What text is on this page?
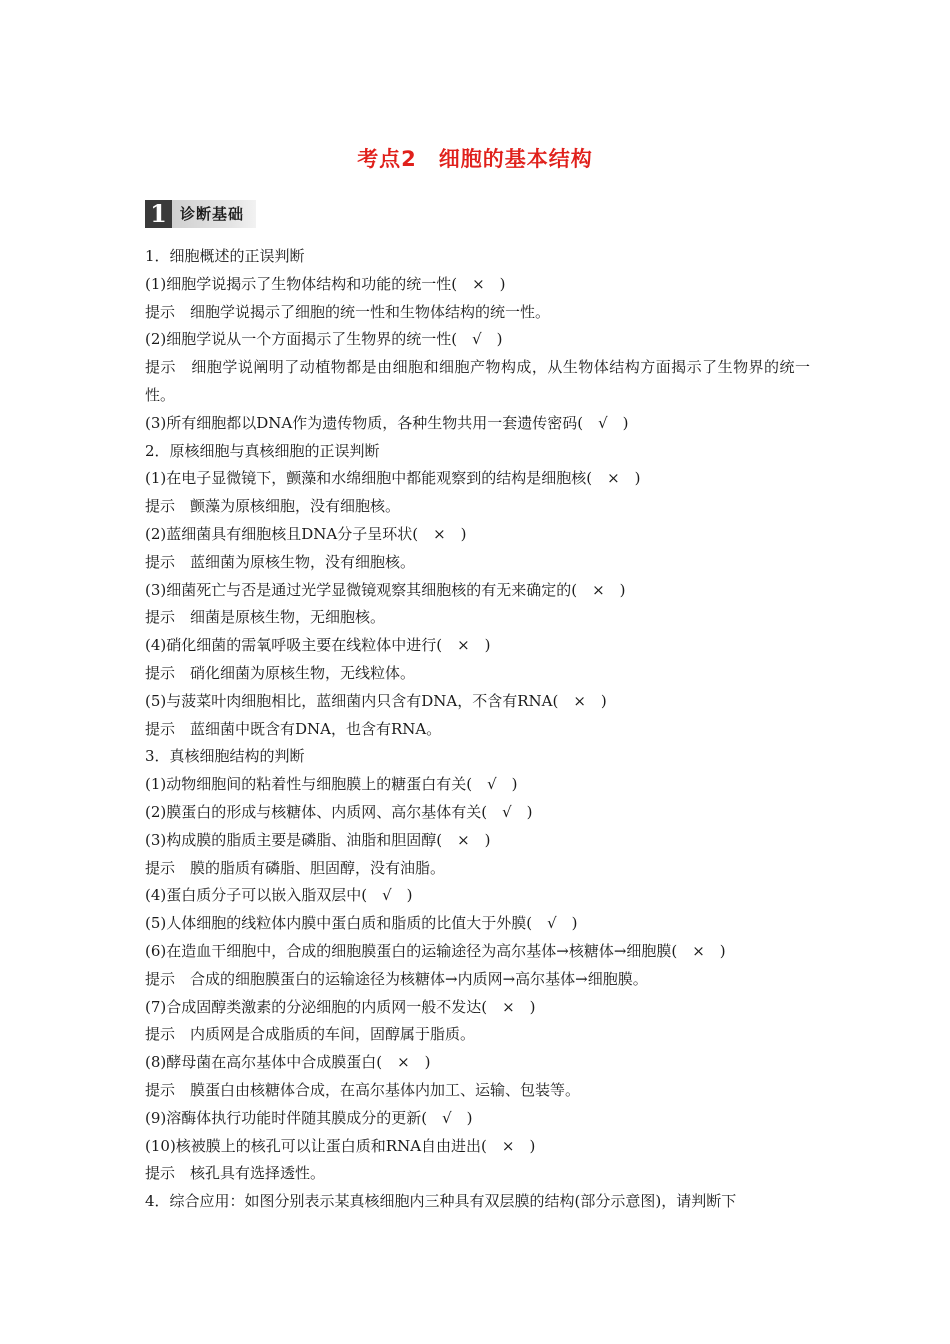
考点2　细胞的基本结构
1 诊断基础
1．细胞概述的正误判断
(1)细胞学说揭示了生物体结构和功能的统一性(　×　)
提示　细胞学说揭示了细胞的统一性和生物体结构的统一性。
(2)细胞学说从一个方面揭示了生物界的统一性(　√　)
提示　细胞学说阐明了动植物都是由细胞和细胞产物构成，从生物体结构方面揭示了生物界的统一性。
(3)所有细胞都以DNA作为遗传物质，各种生物共用一套遗传密码(　√　)
2．原核细胞与真核细胞的正误判断
(1)在电子显微镜下，颤藻和水绵细胞中都能观察到的结构是细胞核(　×　)
提示　颤藻为原核细胞，没有细胞核。
(2)蓝细菌具有细胞核且DNA分子呈环状(　×　)
提示　蓝细菌为原核生物，没有细胞核。
(3)细菌死亡与否是通过光学显微镜观察其细胞核的有无来确定的(　×　)
提示　细菌是原核生物，无细胞核。
(4)硝化细菌的需氧呼吸主要在线粒体中进行(　×　)
提示　硝化细菌为原核生物，无线粒体。
(5)与菠菜叶肉细胞相比，蓝细菌内只含有DNA，不含有RNA(　×　)
提示　蓝细菌中既含有DNA，也含有RNA。
3．真核细胞结构的判断
(1)动物细胞间的粘着性与细胞膜上的糖蛋白有关(　√　)
(2)膜蛋白的形成与核糖体、内质网、高尔基体有关(　√　)
(3)构成膜的脂质主要是磷脂、油脂和胆固醇(　×　)
提示　膜的脂质有磷脂、胆固醇，没有油脂。
(4)蛋白质分子可以嵌入脂双层中(　√　)
(5)人体细胞的线粒体内膜中蛋白质和脂质的比值大于外膜(　√　)
(6)在造血干细胞中，合成的细胞膜蛋白的运输途径为高尔基体→核糖体→细胞膜(　×　)
提示　合成的细胞膜蛋白的运输途径为核糖体→内质网→高尔基体→细胞膜。
(7)合成固醇类激素的分泌细胞的内质网一般不发达(　×　)
提示　内质网是合成脂质的车间，固醇属于脂质。
(8)酵母菌在高尔基体中合成膜蛋白(　×　)
提示　膜蛋白由核糖体合成，在高尔基体内加工、运输、包装等。
(9)溶酶体执行功能时伴随其膜成分的更新(　√　)
(10)核被膜上的核孔可以让蛋白质和RNA自由进出(　×　)
提示　核孔具有选择透性。
4．综合应用：如图分别表示某真核细胞内三种具有双层膜的结构(部分示意图)，请判断下
